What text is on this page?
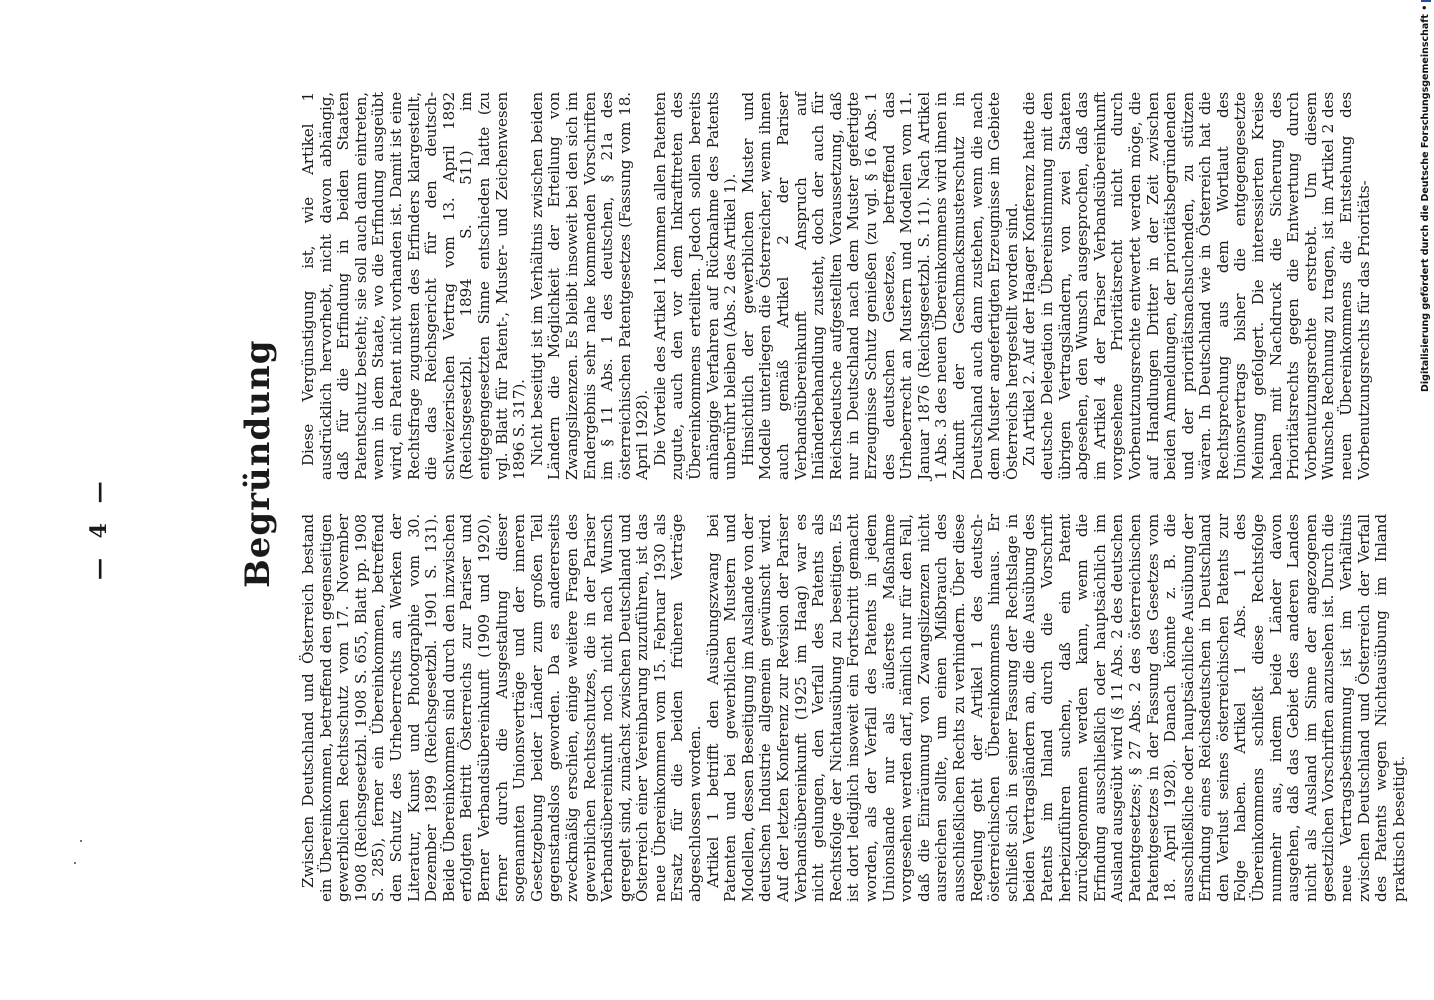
— 4 —	Begründung

Zwischen Deutschland und Österreich bestand ein Übereinkommen, betreffend den gegenseitigen gewerblichen Rechtsschutz vom 17. November 1908 (Reichsgesetzbl. 1908 S. 655, Blatt pp. 1908 S. 285), ferner ein Übereinkommen, betreffend den Schutz des Urheberrechts an Werken der Literatur, Kunst und Photographie vom 30. Dezember 1899 (Reichsgesetzbl. 1901 S. 131). Beide Übereinkommen sind durch den inzwischen erfolgten Beitritt Österreichs zur Pariser und Berner Verbandsübereinkunft (1909 und 1920), ferner durch die Ausgestaltung dieser sogenannten Unionsverträge und der inneren Gesetzgebung beider Länder zum großen Teil gegenstandslos geworden. Da es andererseits zweckmäßig erschien, einige weitere Fragen des gewerblichen Rechtsschutzes, die in der Pariser Verbandsübereinkunft noch nicht nach Wunsch geregelt sind, zunächst zwischen Deutschland und Österreich einer Vereinbarung zuzuführen, ist das neue Übereinkommen vom 15. Februar 1930 als Ersatz für die beiden früheren Verträge abgeschlossen worden. Artikel 1 betrifft den Ausübungszwang bei Patenten und bei gewerblichen Mustern und Modellen, dessen Beseitigung im Auslande von der deutschen Industrie allgemein gewünscht wird. Auf der letzten Konferenz zur Revision der Pariser Verbandsübereinkunft (1925 im Haag) war es nicht gelungen, den Verfall des Patents als Rechtsfolge der Nichtausübung zu beseitigen. Es ist dort lediglich insoweit ein Fortschritt gemacht worden, als der Verfall des Patents in jedem Unionslande nur als äußerste Maßnahme vorgesehen werden darf, nämlich nur für den Fall, daß die Einräumung von Zwangslizenzen nicht ausreichen sollte, um einen Mißbrauch des ausschließlichen Rechts zu verhindern. Über diese Regelung geht der Artikel 1 des deutsch-österreichischen Übereinkommens hinaus. Er schließt sich in seiner Fassung der Rechtslage in beiden Vertragsländern an, die die Ausübung des Patents im Inland durch die Vorschrift herbeizuführen suchen, daß ein Patent zurückgenommen werden kann, wenn die Erfindung ausschließlich oder hauptsächlich im Ausland ausgeübt wird (§ 11 Abs. 2 des deutschen Patentgesetzes; § 27 Abs. 2 des österreichischen Patentgesetzes in der Fassung des Gesetzes vom 18. April 1928). Danach könnte z. B. die ausschließliche oder hauptsächliche Ausübung der Erfindung eines Reichsdeutschen in Deutschland den Verlust seines österreichischen Patents zur Folge haben. Artikel 1 Abs. 1 des Übereinkommens schließt diese Rechtsfolge nunmehr aus, indem beide Länder davon ausgehen, daß das Gebiet des anderen Landes nicht als Ausland im Sinne der angezogenen gesetzlichen Vorschriften anzusehen ist. Durch die neue Vertragsbestimmung ist im Verhältnis zwischen Deutschland und Österreich der Verfall des Patents wegen Nichtausübung im Inland praktisch beseitigt.

Diese Vergünstigung ist, wie Artikel 1 ausdrücklich hervorhebt, nicht davon abhängig, daß für die Erfindung in beiden Staaten Patentschutz besteht; sie soll auch dann eintreten, wenn in dem Staate, wo die Erfindung ausgeübt wird, ein Patent nicht vorhanden ist. Damit ist eine Rechtsfrage zugunsten des Erfinders klargestellt, die das Reichsgericht für den deutsch-schweizerischen Vertrag vom 13. April 1892 (Reichsgesetzbl. 1894 S. 511) im entgegengesetzten Sinne entschieden hatte (zu vgl. Blatt für Patent-, Muster- und Zeichenwesen 1896 S. 317). Nicht beseitigt ist im Verhältnis zwischen beiden Ländern die Möglichkeit der Erteilung von Zwangslizenzen. Es bleibt insoweit bei den sich im Endergebnis sehr nahe kommenden Vorschriften im § 11 Abs. 1 des deutschen, § 21a des österreichischen Patentgesetzes (Fassung vom 18. April 1928). Die Vorteile des Artikel 1 kommen allen Patenten zugute, auch den vor dem Inkrafttreten des Übereinkommens erteilten. Jedoch sollen bereits anhängige Verfahren auf Rücknahme des Patents unberührt bleiben (Abs. 2 des Artikel 1). Hinsichtlich der gewerblichen Muster und Modelle unterliegen die Österreicher, wenn ihnen auch gemäß Artikel 2 der Pariser Verbandsübereinkunft Anspruch auf Inländerbehandlung zusteht, doch der auch für Reichsdeutsche aufgestellten Voraussetzung, daß nur in Deutschland nach dem Muster gefertigte Erzeugnisse Schutz genießen (zu vgl. § 16 Abs. 1 des deutschen Gesetzes, betreffend das Urheberrecht an Mustern und Modellen vom 11. Januar 1876 (Reichsgesetzbl. S. 11). Nach Artikel 1 Abs. 3 des neuen Übereinkommens wird ihnen in Zukunft der Geschmacksmusterschutz in Deutschland auch dann zustehen, wenn die nach dem Muster angefertigten Erzeugnisse im Gebiete Österreichs hergestellt worden sind. Zu Artikel 2. Auf der Haager Konferenz hatte die deutsche Delegation in Übereinstimmung mit den übrigen Vertragsländern, von zwei Staaten abgesehen, den Wunsch ausgesprochen, daß das im Artikel 4 der Pariser Verbandsübereinkunft vorgesehene Prioritätsrecht nicht durch Vorbenutzungsrechte entwertet werden möge, die auf Handlungen Dritter in der Zeit zwischen beiden Anmeldungen, der prioritätsbegründenden und der prioritätsnachsuchenden, zu stützen wären. In Deutschland wie in Österreich hat die Rechtsprechung aus dem Wortlaut des Unionsvertrags bisher die entgegengesetzte Meinung gefolgert. Die interessierten Kreise haben mit Nachdruck die Sicherung des Prioritätsrechts gegen die Entwertung durch Vorbenutzungsrechte erstrebt. Um diesem Wunsche Rechnung zu tragen, ist im Artikel 2 des neuen Übereinkommens die Entstehung des Vorbenutzungsrechts für das Prioritäts-	Digitalisierung gefördert durch die Deutsche Forschungsgemeinschaft •
